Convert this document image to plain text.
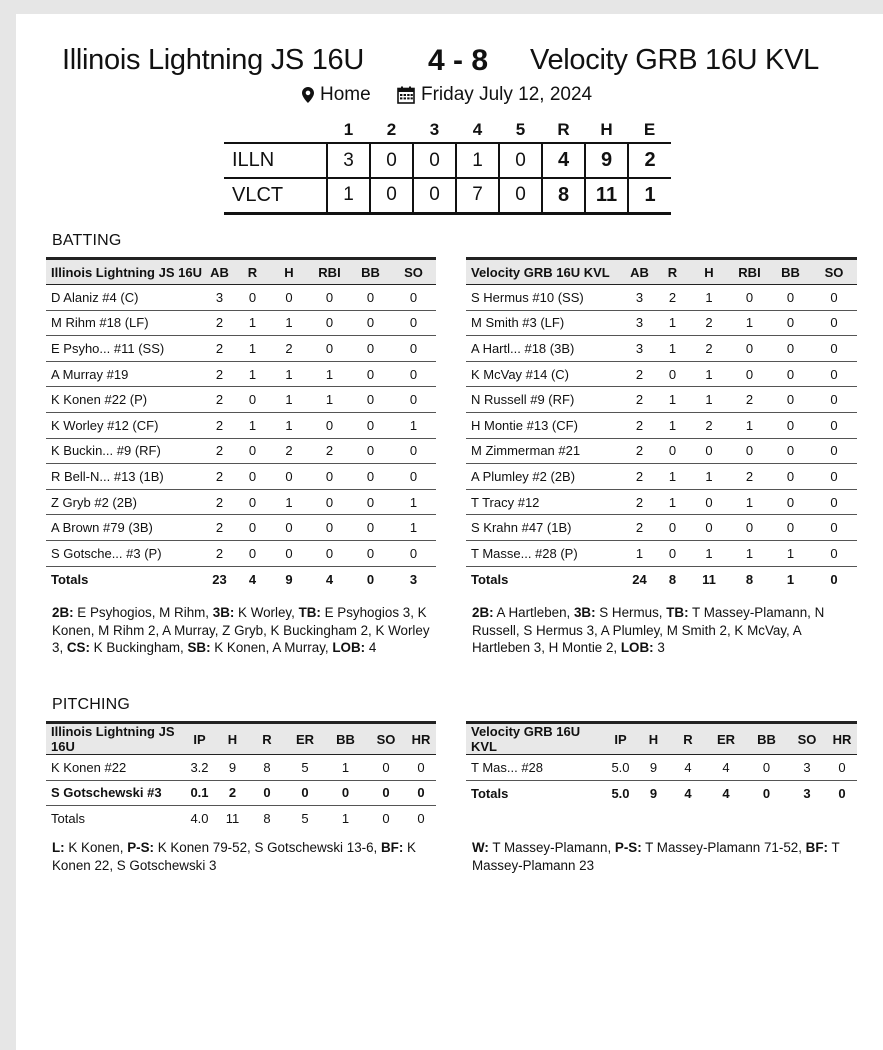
Illinois Lightning JS 16U 4 - 8 Velocity GRB 16U KVL
Home	Friday July 12, 2024
	1	2	3	4	5	R	H	E
ILLN	3	0	0	1	0	4	9	2
VLCT	1	0	0	7	0	8	11	1
BATTING
Illinois Lightning JS 16U	AB	R	H	RBI	BB	SO
D Alaniz #4 (C)	3	0	0	0	0	0
M Rihm #18 (LF)	2	1	1	0	0	0
E Psyho... #11 (SS)	2	1	2	0	0	0
A Murray #19	2	1	1	1	0	0
K Konen #22 (P)	2	0	1	1	0	0
K Worley #12 (CF)	2	1	1	0	0	1
K Buckin... #9 (RF)	2	0	2	2	0	0
R Bell-N... #13 (1B)	2	0	0	0	0	0
Z Gryb #2 (2B)	2	0	1	0	0	1
A Brown #79 (3B)	2	0	0	0	0	1
S Gotsche... #3 (P)	2	0	0	0	0	0
Totals	23	4	9	4	0	3
Velocity GRB 16U KVL	AB	R	H	RBI	BB	SO
S Hermus #10 (SS)	3	2	1	0	0	0
M Smith #3 (LF)	3	1	2	1	0	0
A Hartl... #18 (3B)	3	1	2	0	0	0
K McVay #14 (C)	2	0	1	0	0	0
N Russell #9 (RF)	2	1	1	2	0	0
H Montie #13 (CF)	2	1	2	1	0	0
M Zimmerman #21	2	0	0	0	0	0
A Plumley #2 (2B)	2	1	1	2	0	0
T Tracy #12	2	1	0	1	0	0
S Krahn #47 (1B)	2	0	0	0	0	0
T Masse... #28 (P)	1	0	1	1	1	0
Totals	24	8	11	8	1	0
2B: E Psyhogios, M Rihm, 3B: K Worley, TB: E Psyhogios 3, K Konen, M Rihm 2, A Murray, Z Gryb, K Buckingham 2, K Worley 3, CS: K Buckingham, SB: K Konen, A Murray, LOB: 4
2B: A Hartleben, 3B: S Hermus, TB: T Massey-Plamann, N Russell, S Hermus 3, A Plumley, M Smith 2, K McVay, A Hartleben 3, H Montie 2, LOB: 3
PITCHING
Illinois Lightning JS 16U	IP	H	R	ER	BB	SO	HR
K Konen #22	3.2	9	8	5	1	0	0
S Gotschewski #3	0.1	2	0	0	0	0	0
Totals	4.0	11	8	5	1	0	0
Velocity GRB 16U KVL	IP	H	R	ER	BB	SO	HR
T Mas... #28	5.0	9	4	4	0	3	0
Totals	5.0	9	4	4	0	3	0
L: K Konen, P-S: K Konen 79-52, S Gotschewski 13-6, BF: K Konen 22, S Gotschewski 3
W: T Massey-Plamann, P-S: T Massey-Plamann 71-52, BF: T Massey-Plamann 23
